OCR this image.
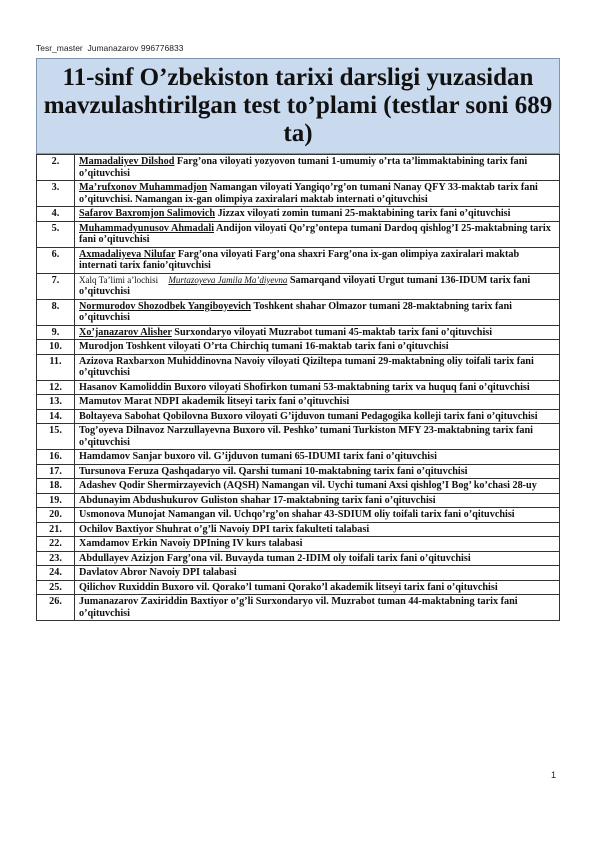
Tesr_master  Jumanazarov 996776833

11-sinf O’zbekiston tarixi darsligi yuzasidan mavzulashtirilgan test to’plami (testlar soni 689 ta)

2.	Mamadaliyev Dilshod Farg’ona viloyati yozyovon tumani 1-umumiy o’rta ta’limmaktabining tarix fani o’qituvchisi
3.	Ma’rufxonov Muhammadjon Namangan viloyati Yangiqo’rg’on tumani Nanay QFY 33-maktab tarix fani o’qituvchisi. Namangan ix-gan olimpiya zaxiralari maktab internati o’qituvchisi
4.	Safarov Baxromjon Salimovich Jizzax viloyati zomin tumani 25-maktabining tarix fani o’qituvchisi
5.	Muhammadyunusov Ahmadali Andijon viloyati Qo’rg’ontepa tumani Dardoq qishlog’I 25-maktabning tarix fani o’qituvchisi
6.	Axmadaliyeva Nilufar Farg’ona viloyati Farg’ona shaxri Farg’ona ix-gan olimpiya zaxiralari maktab internati tarix fanio’qituvchisi
7.	Xalq Ta’limi a’lochisi Murtazoyeva Jamila Ma’diyevna Samarqand viloyati Urgut tumani 136-IDUM tarix fani o’qituvchisi
8.	Normurodov Shozodbek Yangiboyevich Toshkent shahar Olmazor tumani 28-maktabning tarix fani o’qituvchisi
9.	Xo’janazarov Alisher Surxondaryo viloyati Muzrabot tumani 45-maktab tarix fani o’qituvchisi
10.	Murodjon Toshkent viloyati O’rta Chirchiq tumani 16-maktab tarix fani o’qituvchisi
11.	Azizova Raxbarxon Muhiddinovna Navoiy viloyati Qiziltepa tumani 29-maktabning oliy toifali tarix fani o’qituvchisi
12.	Hasanov Kamoliddin Buxoro viloyati Shofirkon tumani 53-maktabning tarix va huquq fani o’qituvchisi
13.	Mamutov Marat NDPI akademik litseyi tarix fani o’qituvchisi
14.	Boltayeva Sabohat Qobilovna Buxoro viloyati G’ijduvon tumani Pedagogika kolleji tarix fani o’qituvchisi
15.	Tog’oyeva Dilnavoz Narzullayevna Buxoro vil. Peshko’ tumani Turkiston MFY 23-maktabning tarix fani o’qituvchisi
16.	Hamdamov Sanjar buxoro vil. G’ijduvon tumani 65-IDUMI tarix fani o’qituvchisi
17.	Tursunova Feruza Qashqadaryo vil. Qarshi tumani 10-maktabning tarix fani o’qituvchisi
18.	Adashev Qodir Shermirzayevich (AQSH) Namangan vil. Uychi tumani Axsi qishlog’I Bog’ ko’chasi 28-uy
19.	Abdunayim Abdushukurov Guliston shahar 17-maktabning tarix fani o’qituvchisi
20.	Usmonova Munojat Namangan vil. Uchqo’rg’on shahar 43-SDIUM oliy toifali tarix fani o’qituvchisi
21.	Ochilov Baxtiyor Shuhrat o’g’li Navoiy DPI tarix fakulteti talabasi
22.	Xamdamov Erkin Navoiy DPIning IV kurs talabasi
23.	Abdullayev Azizjon Farg’ona vil. Buvayda tuman 2-IDIM oly toifali tarix fani o’qituvchisi
24.	Davlatov Abror Navoiy DPI talabasi
25.	Qilichov Ruxiddin Buxoro vil. Qorako’l tumani Qorako’l akademik litseyi tarix fani o’qituvchisi
26.	Jumanazarov Zaxiriddin Baxtiyor o’g’li Surxondaryo vil. Muzrabot tuman 44-maktabning tarix fani o’qituvchisi
1
